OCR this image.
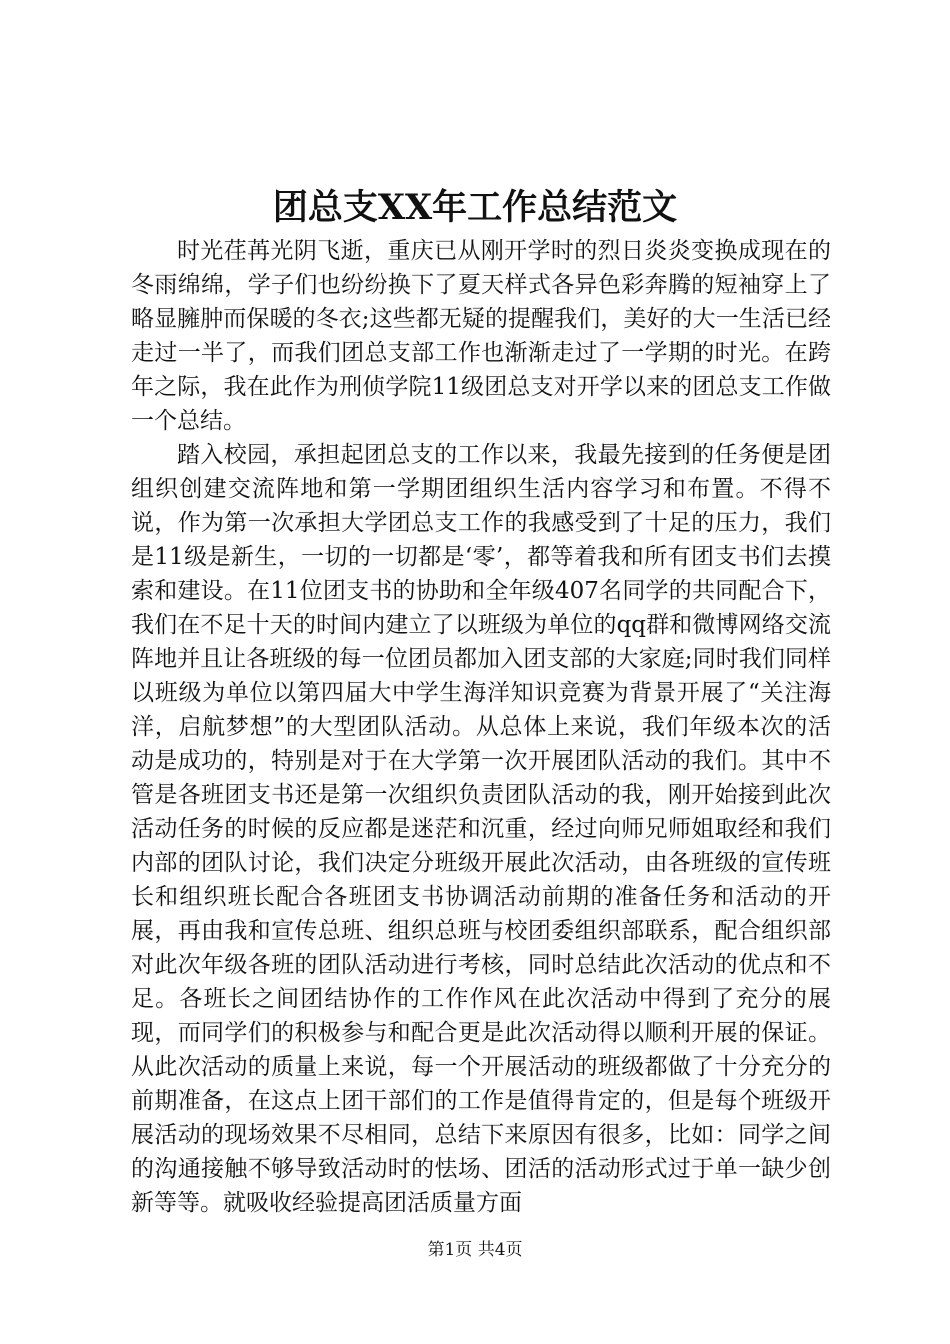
团总支XX年工作总结范文

时光荏苒光阴飞逝，重庆已从刚开学时的烈日炎炎变换成现在的冬雨绵绵，学子们也纷纷换下了夏天样式各异色彩奔腾的短袖穿上了略显臃肿而保暖的冬衣;这些都无疑的提醒我们，美好的大一生活已经走过一半了，而我们团总支部工作也渐渐走过了一学期的时光。在跨年之际，我在此作为刑侦学院11级团总支对开学以来的团总支工作做一个总结。

踏入校园，承担起团总支的工作以来，我最先接到的任务便是团组织创建交流阵地和第一学期团组织生活内容学习和布置。不得不说，作为第一次承担大学团总支工作的我感受到了十足的压力，我们是11级是新生，一切的一切都是‘零’，都等着我和所有团支书们去摸索和建设。在11位团支书的协助和全年级407名同学的共同配合下，我们在不足十天的时间内建立了以班级为单位的qq群和微博网络交流阵地并且让各班级的每一位团员都加入团支部的大家庭;同时我们同样以班级为单位以第四届大中学生海洋知识竞赛为背景开展了“关注海洋，启航梦想”的大型团队活动。从总体上来说，我们年级本次的活动是成功的，特别是对于在大学第一次开展团队活动的我们。其中不管是各班团支书还是第一次组织负责团队活动的我，刚开始接到此次活动任务的时候的反应都是迷茫和沉重，经过向师兄师姐取经和我们内部的团队讨论，我们决定分班级开展此次活动，由各班级的宣传班长和组织班长配合各班团支书协调活动前期的准备任务和活动的开展，再由我和宣传总班、组织总班与校团委组织部联系，配合组织部对此次年级各班的团队活动进行考核，同时总结此次活动的优点和不足。各班长之间团结协作的工作作风在此次活动中得到了充分的展现，而同学们的积极参与和配合更是此次活动得以顺利开展的保证。从此次活动的质量上来说，每一个开展活动的班级都做了十分充分的前期准备，在这点上团干部们的工作是值得肯定的，但是每个班级开展活动的现场效果不尽相同，总结下来原因有很多，比如：同学之间的沟通接触不够导致活动时的怯场、团活的活动形式过于单一缺少创新等等。就吸收经验提高团活质量方面

第1页 共4页
